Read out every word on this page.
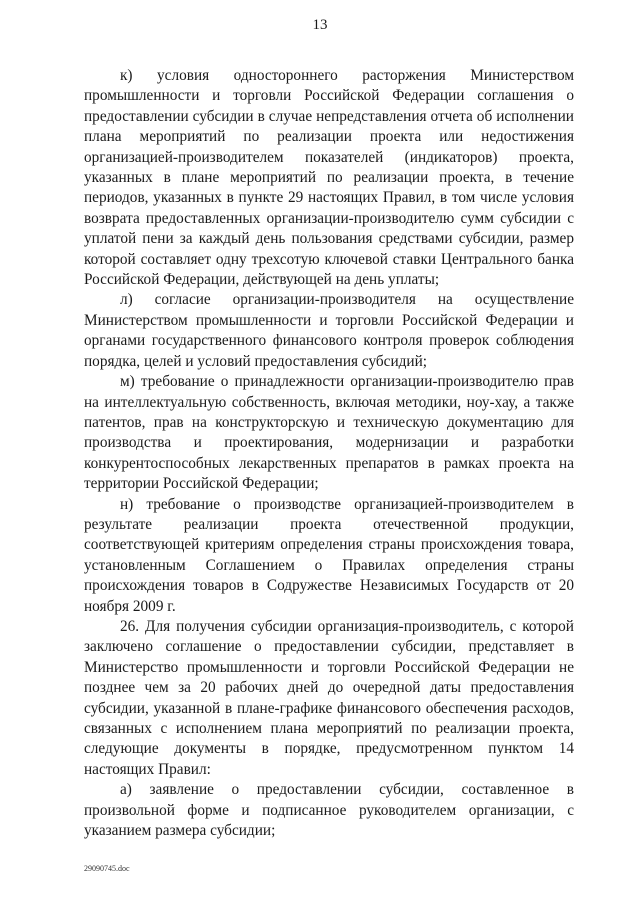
13

к) условия одностороннего расторжения Министерством промышленности и торговли Российской Федерации соглашения о предоставлении субсидии в случае непредставления отчета об исполнении плана мероприятий по реализации проекта или недостижения организацией-производителем показателей (индикаторов) проекта, указанных в плане мероприятий по реализации проекта, в течение периодов, указанных в пункте 29 настоящих Правил, в том числе условия возврата предоставленных организации-производителю сумм субсидии с уплатой пени за каждый день пользования средствами субсидии, размер которой составляет одну трехсотую ключевой ставки Центрального банка Российской Федерации, действующей на день уплаты;

л) согласие организации-производителя на осуществление Министерством промышленности и торговли Российской Федерации и органами государственного финансового контроля проверок соблюдения порядка, целей и условий предоставления субсидий;

м) требование о принадлежности организации-производителю прав на интеллектуальную собственность, включая методики, ноу-хау, а также патентов, прав на конструкторскую и техническую документацию для производства и проектирования, модернизации и разработки конкурентоспособных лекарственных препаратов в рамках проекта на территории Российской Федерации;

н) требование о производстве организацией-производителем в результате реализации проекта отечественной продукции, соответствующей критериям определения страны происхождения товара, установленным Соглашением о Правилах определения страны происхождения товаров в Содружестве Независимых Государств от 20 ноября 2009 г.

26. Для получения субсидии организация-производитель, с которой заключено соглашение о предоставлении субсидии, представляет в Министерство промышленности и торговли Российской Федерации не позднее чем за 20 рабочих дней до очередной даты предоставления субсидии, указанной в плане-графике финансового обеспечения расходов, связанных с исполнением плана мероприятий по реализации проекта, следующие документы в порядке, предусмотренном пунктом 14 настоящих Правил:

а) заявление о предоставлении субсидии, составленное в произвольной форме и подписанное руководителем организации, с указанием размера субсидии;

29090745.doc
